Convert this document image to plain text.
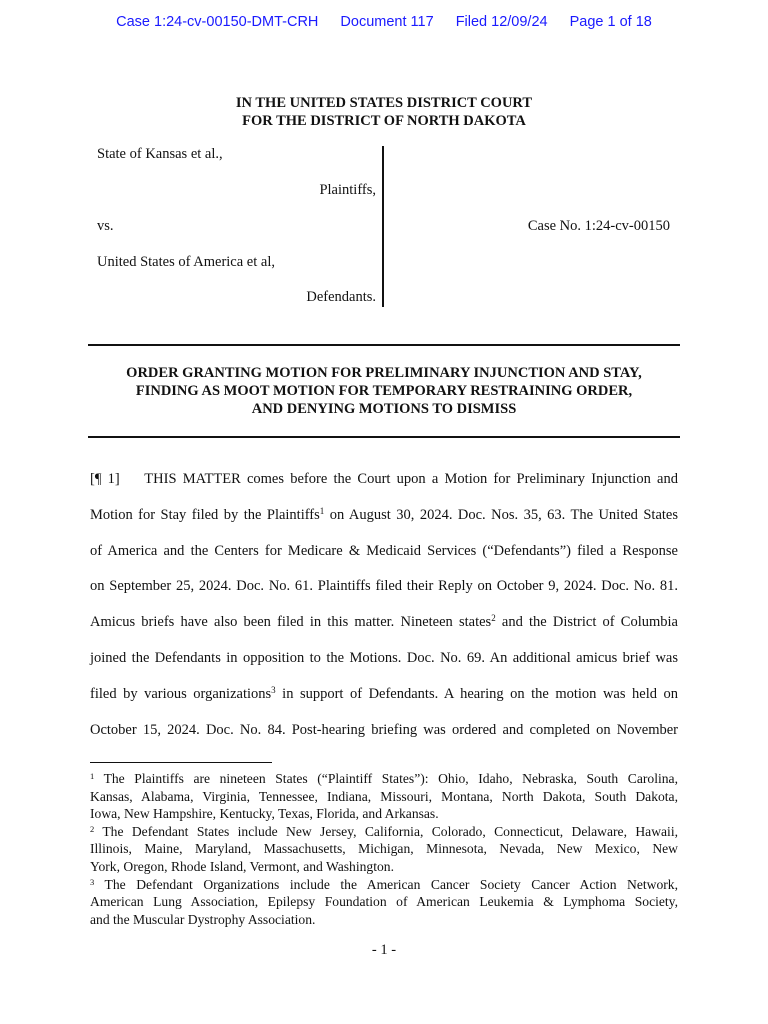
Case 1:24-cv-00150-DMT-CRH Document 117 Filed 12/09/24 Page 1 of 18
IN THE UNITED STATES DISTRICT COURT
FOR THE DISTRICT OF NORTH DAKOTA
State of Kansas et al.,
Plaintiffs,
vs.
United States of America et al,
Defendants.
Case No. 1:24-cv-00150
ORDER GRANTING MOTION FOR PRELIMINARY INJUNCTION AND STAY,
FINDING AS MOOT MOTION FOR TEMPORARY RESTRAINING ORDER,
AND DENYING MOTIONS TO DISMISS
[¶ 1]    THIS MATTER comes before the Court upon a Motion for Preliminary Injunction and
Motion for Stay filed by the Plaintiffs$^1$ on August 30, 2024. Doc. Nos. 35, 63. The United States
of America and the Centers for Medicare & Medicaid Services (“Defendants”) filed a Response
on September 25, 2024. Doc. No. 61. Plaintiffs filed their Reply on October 9, 2024. Doc. No. 81.
Amicus briefs have also been filed in this matter. Nineteen states$^2$ and the District of Columbia
joined the Defendants in opposition to the Motions. Doc. No. 69. An additional amicus brief was
filed by various organizations$^3$ in support of Defendants. A hearing on the motion was held on
October 15, 2024. Doc. No. 84. Post-hearing briefing was ordered and completed on November
$^1$ The Plaintiffs are nineteen States (“Plaintiff States”): Ohio, Idaho, Nebraska, South Carolina,
Kansas, Alabama, Virginia, Tennessee, Indiana, Missouri, Montana, North Dakota, South Dakota,
Iowa, New Hampshire, Kentucky, Texas, Florida, and Arkansas.
$^2$ The Defendant States include New Jersey, California, Colorado, Connecticut, Delaware, Hawaii,
Illinois, Maine, Maryland, Massachusetts, Michigan, Minnesota, Nevada, New Mexico, New
York, Oregon, Rhode Island, Vermont, and Washington.
$^3$ The Defendant Organizations include the American Cancer Society Cancer Action Network,
American Lung Association, Epilepsy Foundation of American Leukemia & Lymphoma Society,
and the Muscular Dystrophy Association.
- 1 -
